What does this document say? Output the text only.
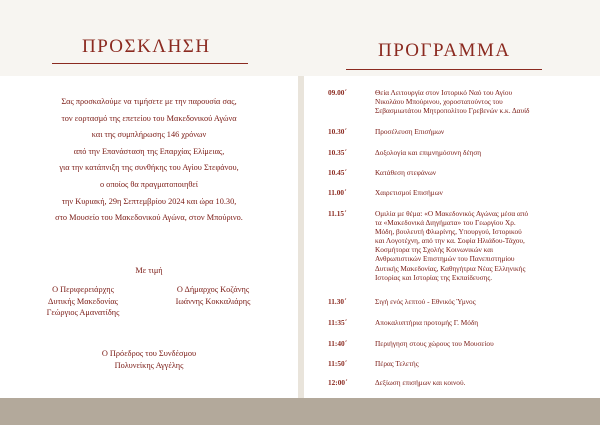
ΠΡΟΣΚΛΗΣΗ	ΠΡΟΓΡΑΜΜΑ

Σας προσκαλούμε να τιμήσετε με την παρουσία σας,

τον εορτασμό της επετείου του Μακεδονικού Αγώνα

και της συμπλήρωσης 146 χρόνων

από την Επανάσταση της Επαρχίας Ελίμειας,

για την κατάπνιξη της συνθήκης του Αγίου Στεφάνου,

ο οποίος θα πραγματοποιηθεί

την Κυριακή, 29η Σεπτεμβρίου 2024 και ώρα 10.30,

στο Μουσείο του Μακεδονικού Αγώνα, στον Μπούρινο.

Με τιμή

Ο Περιφερειάρχης

Δυτικής Μακεδονίας

Γεώργιος Αμανατίδης

Ο Δήμαρχος Κοζάνης

Ιωάννης Κοκκαλιάρης

Ο Πρόεδρος του Συνδέσμου

Πολυνείκης Αγγέλης

09.00΄	Θεία Λειτουργία στον Ιστορικό Ναό του Αγίου
Νικολάου Μπούρινου, χοροστατούντος του
Σεβασμιωτάτου Μητροπολίτου Γρεβενών κ.κ. Δαυίδ
10.30΄	Προσέλευση Επισήμων
10.35΄	Δοξολογία και επιμνημόσυνη δέηση
10.45΄	Κατάθεση στεφάνων
11.00΄	Χαιρετισμοί Επισήμων
11.15΄	Ομιλία με θέμα: «Ο Μακεδονικός Αγώνας μέσα από
τα «Μακεδονικά Διηγήματα» του Γεωργίου Χρ.
Μόδη, βουλευτή Φλωρίνης, Υπουργού, Ιστορικού
και Λογοτέχνη, από την κα. Σοφία Ηλιάδου-Τάχου,
Κοσμήτορα της Σχολής Κοινωνικών και
Ανθρωπιστικών Επιστημών του Πανεπιστημίου
Δυτικής Μακεδονίας, Καθηγήτρια Νέας Ελληνικής
Ιστορίας και Ιστορίας της Εκπαίδευσης.
11.30΄	Σιγή ενός λεπτού - Εθνικός Ύμνος
11:35΄	Αποκαλυπτήρια προτομής Γ. Μόδη
11:40΄	Περιήγηση στους χώρους του Μουσείου
11:50΄	Πέρας Τελετής
12:00΄	Δεξίωση επισήμων και κοινού.
